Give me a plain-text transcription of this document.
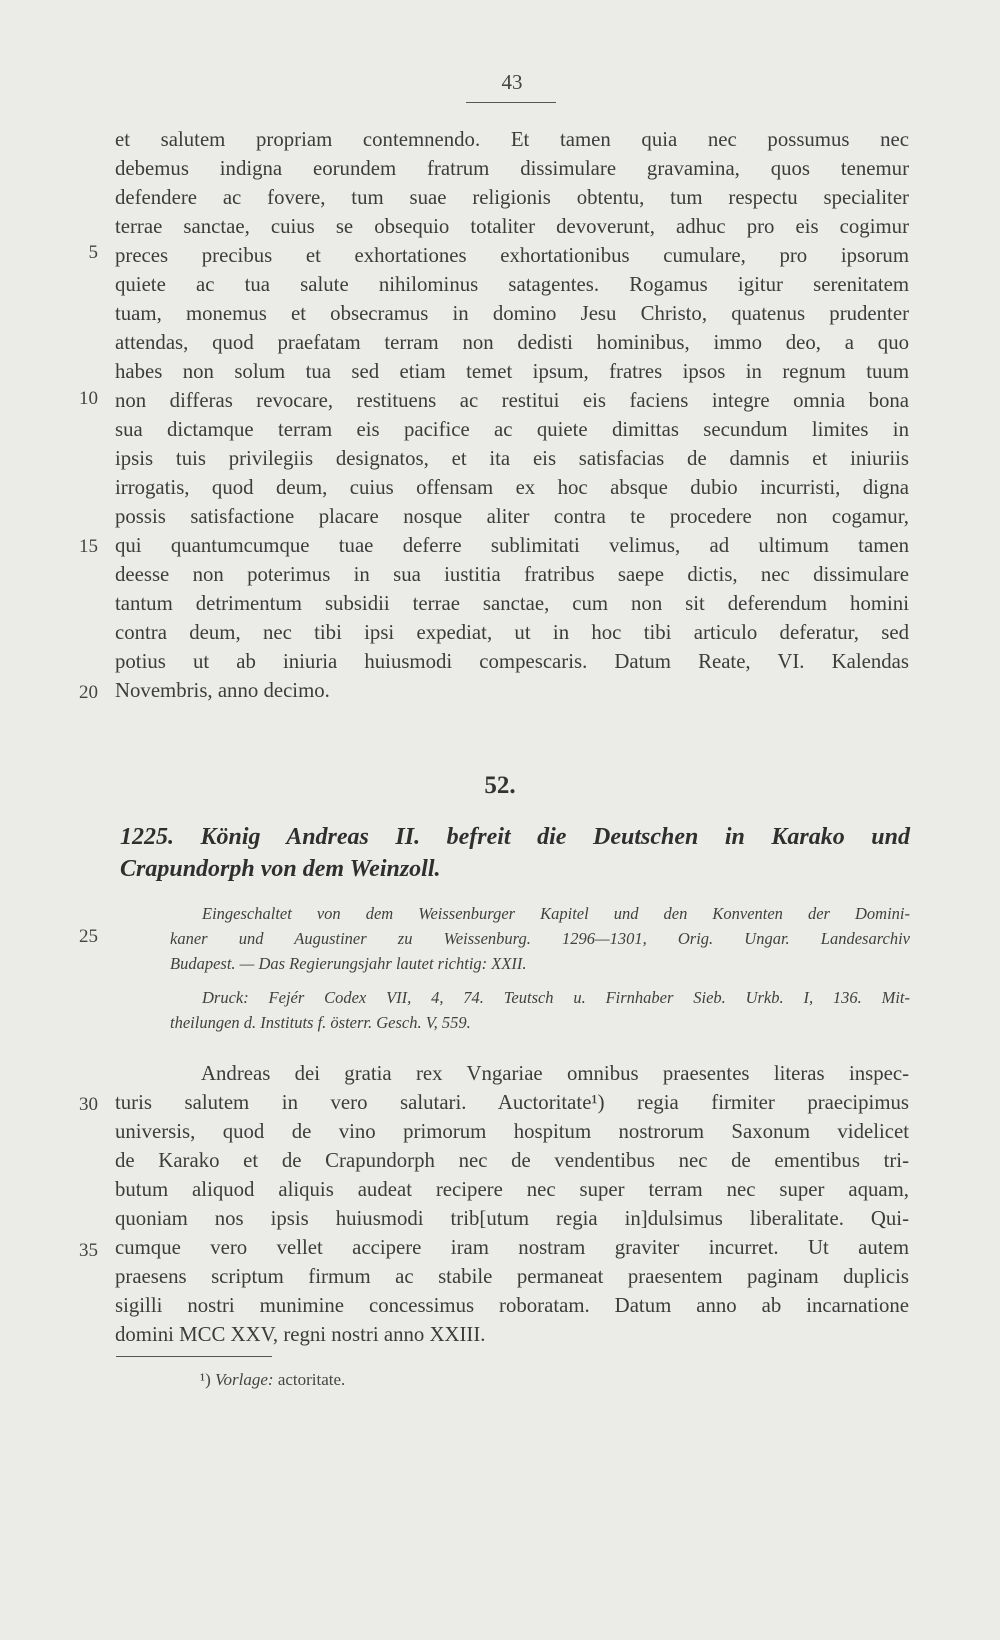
43
5
10
15
20
25
30
35
et salutem propriam contemnendo. Et tamen quia nec possumus nec
debemus indigna eorundem fratrum dissimulare gravamina, quos tenemur
defendere ac fovere, tum suae religionis obtentu, tum respectu specialiter
terrae sanctae, cuius se obsequio totaliter devoverunt, adhuc pro eis cogimur
preces precibus et exhortationes exhortationibus cumulare, pro ipsorum
quiete ac tua salute nihilominus satagentes. Rogamus igitur serenitatem
tuam, monemus et obsecramus in domino Jesu Christo, quatenus prudenter
attendas, quod praefatam terram non dedisti hominibus, immo deo, a quo
habes non solum tua sed etiam temet ipsum, fratres ipsos in regnum tuum
non differas revocare, restituens ac restitui eis faciens integre omnia bona
sua dictamque terram eis pacifice ac quiete dimittas secundum limites in
ipsis tuis privilegiis designatos, et ita eis satisfacias de damnis et iniuriis
irrogatis, quod deum, cuius offensam ex hoc absque dubio incurristi, digna
possis satisfactione placare nosque aliter contra te procedere non cogamur,
qui quantumcumque tuae deferre sublimitati velimus, ad ultimum tamen
deesse non poterimus in sua iustitia fratribus saepe dictis, nec dissimulare
tantum detrimentum subsidii terrae sanctae, cum non sit deferendum homini
contra deum, nec tibi ipsi expediat, ut in hoc tibi articulo deferatur, sed
potius ut ab iniuria huiusmodi compescaris. Datum Reate, VI. Kalendas
Novembris, anno decimo.
52.
1225. König Andreas II. befreit die Deutschen in Karako und
Crapundorph von dem Weinzoll.
Eingeschaltet von dem Weissenburger Kapitel und den Konventen der Domini-
kaner und Augustiner zu Weissenburg. 1296—1301, Orig. Ungar. Landesarchiv
Budapest. — Das Regierungsjahr lautet richtig: XXII.
Druck: Fejér Codex VII, 4, 74. Teutsch u. Firnhaber Sieb. Urkb. I, 136. Mit-
theilungen d. Instituts f. österr. Gesch. V, 559.
Andreas dei gratia rex Vngariae omnibus praesentes literas inspec-
turis salutem in vero salutari. Auctoritate¹) regia firmiter praecipimus
universis, quod de vino primorum hospitum nostrorum Saxonum videlicet
de Karako et de Crapundorph nec de vendentibus nec de ementibus tri-
butum aliquod aliquis audeat recipere nec super terram nec super aquam,
quoniam nos ipsis huiusmodi trib[utum regia in]dulsimus liberalitate. Qui-
cumque vero vellet accipere iram nostram graviter incurret. Ut autem
praesens scriptum firmum ac stabile permaneat praesentem paginam duplicis
sigilli nostri munimine concessimus roboratam. Datum anno ab incarnatione
domini MCC XXV, regni nostri anno XXIII.
¹) Vorlage: actoritate.
